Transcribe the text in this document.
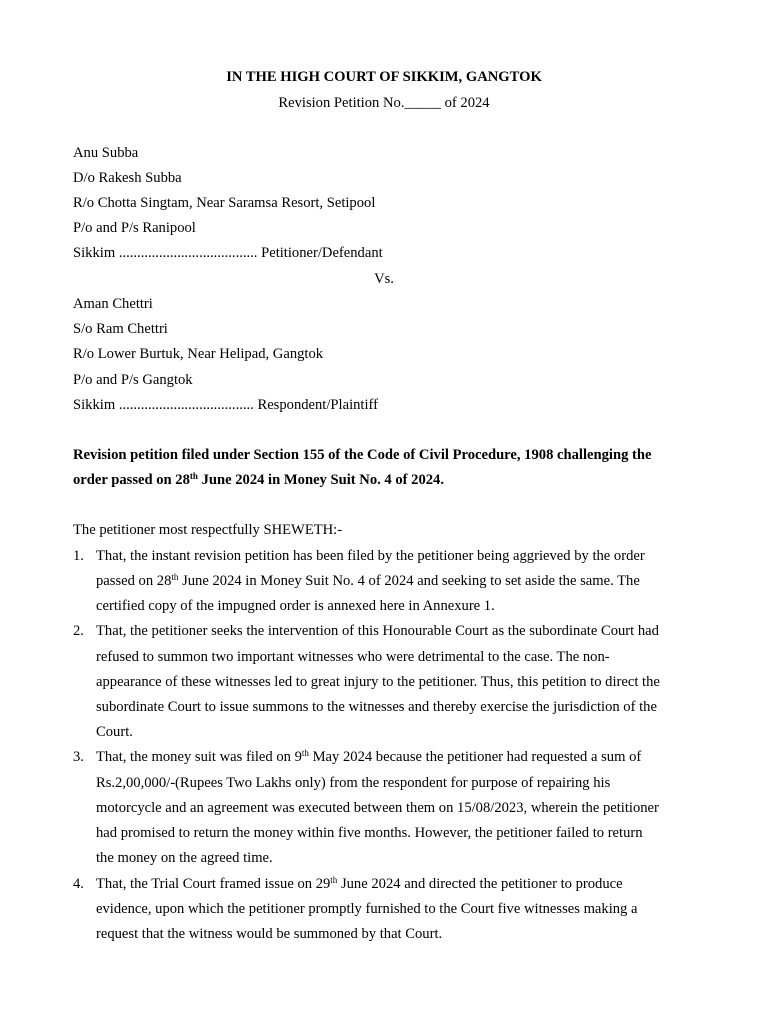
IN THE HIGH COURT OF SIKKIM, GANGTOK
Revision Petition No._____ of 2024
Anu Subba
D/o Rakesh Subba
R/o Chotta Singtam, Near Saramsa Resort, Setipool
P/o and P/s Ranipool
Sikkim ...................................... Petitioner/Defendant
Vs.
Aman Chettri
S/o Ram Chettri
R/o Lower Burtuk, Near Helipad, Gangtok
P/o and P/s Gangtok
Sikkim ..................................... Respondent/Plaintiff
Revision petition filed under Section 155 of the Code of Civil Procedure, 1908 challenging the
order passed on 28th June 2024 in Money Suit No. 4 of 2024.
The petitioner most respectfully SHEWETH:-
1. That, the instant revision petition has been filed by the petitioner being aggrieved by the order
passed on 28th June 2024 in Money Suit No. 4 of 2024 and seeking to set aside the same. The
certified copy of the impugned order is annexed here in Annexure 1.
2. That, the petitioner seeks the intervention of this Honourable Court as the subordinate Court had
refused to summon two important witnesses who were detrimental to the case. The non-
appearance of these witnesses led to great injury to the petitioner. Thus, this petition to direct the
subordinate Court to issue summons to the witnesses and thereby exercise the jurisdiction of the
Court.
3. That, the money suit was filed on 9th May 2024 because the petitioner had requested a sum of
Rs.2,00,000/-(Rupees Two Lakhs only) from the respondent for purpose of repairing his
motorcycle and an agreement was executed between them on 15/08/2023, wherein the petitioner
had promised to return the money within five months. However, the petitioner failed to return
the money on the agreed time.
4. That, the Trial Court framed issue on 29th June 2024 and directed the petitioner to produce
evidence, upon which the petitioner promptly furnished to the Court five witnesses making a
request that the witness would be summoned by that Court.
